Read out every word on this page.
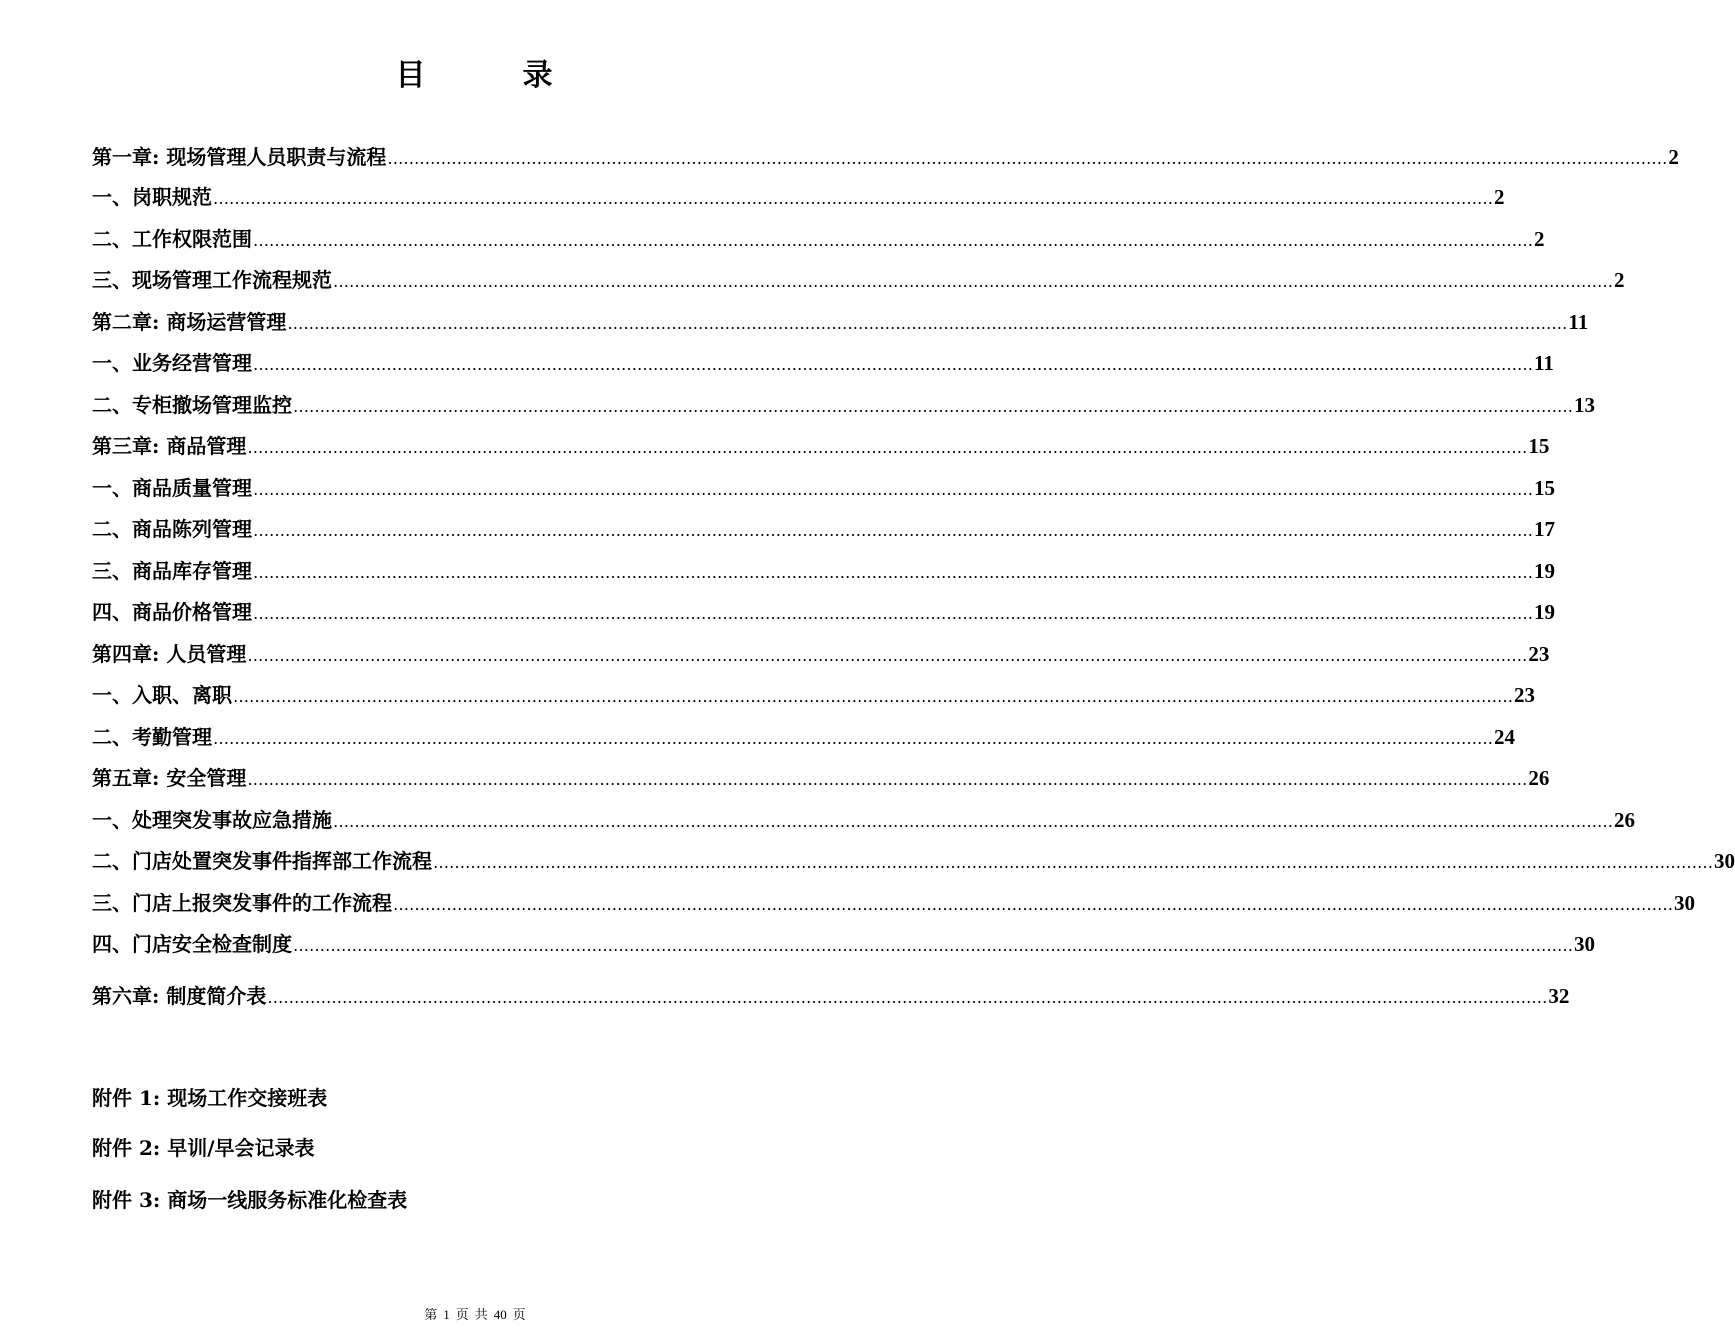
目	录
第一章: 现场管理人员职责与流程 …………………………………………………………………………………………………………………………………………………………………………………………………………………… 2
一、岗职规范 …………………………………………………………………………………………………………………………………………………………………………………………………………………… 2
二、工作权限范围 …………………………………………………………………………………………………………………………………………………………………………………………………………………… 2
三、现场管理工作流程规范 …………………………………………………………………………………………………………………………………………………………………………………………………………………… 2
第二章: 商场运营管理 …………………………………………………………………………………………………………………………………………………………………………………………………………………… 11
一、业务经营管理 …………………………………………………………………………………………………………………………………………………………………………………………………………………… 11
二、专柜撤场管理监控 …………………………………………………………………………………………………………………………………………………………………………………………………………………… 13
第三章: 商品管理 …………………………………………………………………………………………………………………………………………………………………………………………………………………… 15
一、商品质量管理 …………………………………………………………………………………………………………………………………………………………………………………………………………………… 15
二、商品陈列管理 …………………………………………………………………………………………………………………………………………………………………………………………………………………… 17
三、商品库存管理 …………………………………………………………………………………………………………………………………………………………………………………………………………………… 19
四、商品价格管理 …………………………………………………………………………………………………………………………………………………………………………………………………………………… 19
第四章: 人员管理 …………………………………………………………………………………………………………………………………………………………………………………………………………………… 23
一、入职、离职 …………………………………………………………………………………………………………………………………………………………………………………………………………………… 23
二、考勤管理 …………………………………………………………………………………………………………………………………………………………………………………………………………………… 24
第五章: 安全管理 …………………………………………………………………………………………………………………………………………………………………………………………………………………… 26
一、处理突发事故应急措施 …………………………………………………………………………………………………………………………………………………………………………………………………………………… 26
二、门店处置突发事件指挥部工作流程 …………………………………………………………………………………………………………………………………………………………………………………………………………………… 30
三、门店上报突发事件的工作流程 …………………………………………………………………………………………………………………………………………………………………………………………………………………… 30
四、门店安全检查制度 …………………………………………………………………………………………………………………………………………………………………………………………………………………… 30
第六章: 制度简介表 …………………………………………………………………………………………………………………………………………………………………………………………………………………… 32
附件 1: 现场工作交接班表
附件 2: 早训/早会记录表
附件 3: 商场一线服务标准化检查表
第 1 页 共 40 页
